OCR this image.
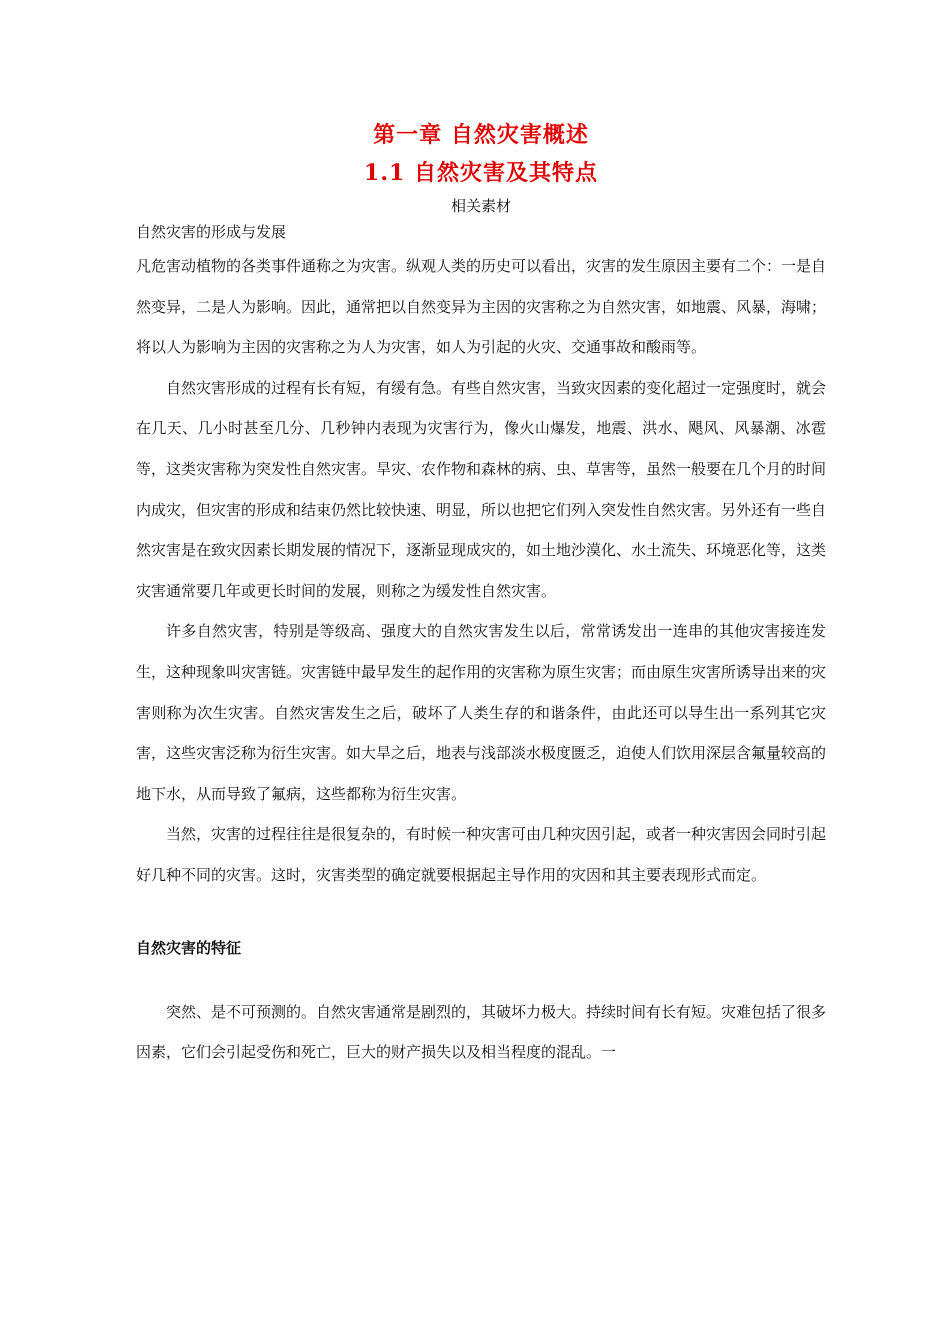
第一章 自然灾害概述
1.1 自然灾害及其特点
相关素材
自然灾害的形成与发展

凡危害动植物的各类事件通称之为灾害。纵观人类的历史可以看出，灾害的发生原因主要有二个：一是自然变异，二是人为影响。因此，通常把以自然变异为主因的灾害称之为自然灾害，如地震、风暴，海啸；将以人为影响为主因的灾害称之为人为灾害，如人为引起的火灾、交通事故和酸雨等。

自然灾害形成的过程有长有短，有缓有急。有些自然灾害，当致灾因素的变化超过一定强度时，就会在几天、几小时甚至几分、几秒钟内表现为灾害行为，像火山爆发，地震、洪水、飓风、风暴潮、冰雹等，这类灾害称为突发性自然灾害。旱灾、农作物和森林的病、虫、草害等，虽然一般要在几个月的时间内成灾，但灾害的形成和结束仍然比较快速、明显，所以也把它们列入突发性自然灾害。另外还有一些自然灾害是在致灾因素长期发展的情况下，逐渐显现成灾的，如土地沙漠化、水土流失、环境恶化等，这类灾害通常要几年或更长时间的发展，则称之为缓发性自然灾害。

许多自然灾害，特别是等级高、强度大的自然灾害发生以后，常常诱发出一连串的其他灾害接连发生，这种现象叫灾害链。灾害链中最早发生的起作用的灾害称为原生灾害；而由原生灾害所诱导出来的灾害则称为次生灾害。自然灾害发生之后，破坏了人类生存的和谐条件，由此还可以导生出一系列其它灾害，这些灾害泛称为衍生灾害。如大旱之后，地表与浅部淡水极度匮乏，迫使人们饮用深层含氟量较高的地下水，从而导致了氟病，这些都称为衍生灾害。

当然，灾害的过程往往是很复杂的，有时候一种灾害可由几种灾因引起，或者一种灾害因会同时引起好几种不同的灾害。这时，灾害类型的确定就要根据起主导作用的灾因和其主要表现形式而定。

自然灾害的特征

突然、是不可预测的。自然灾害通常是剧烈的，其破坏力极大。持续时间有长有短。灾难包括了很多因素，它们会引起受伤和死亡，巨大的财产损失以及相当程度的混乱。一
